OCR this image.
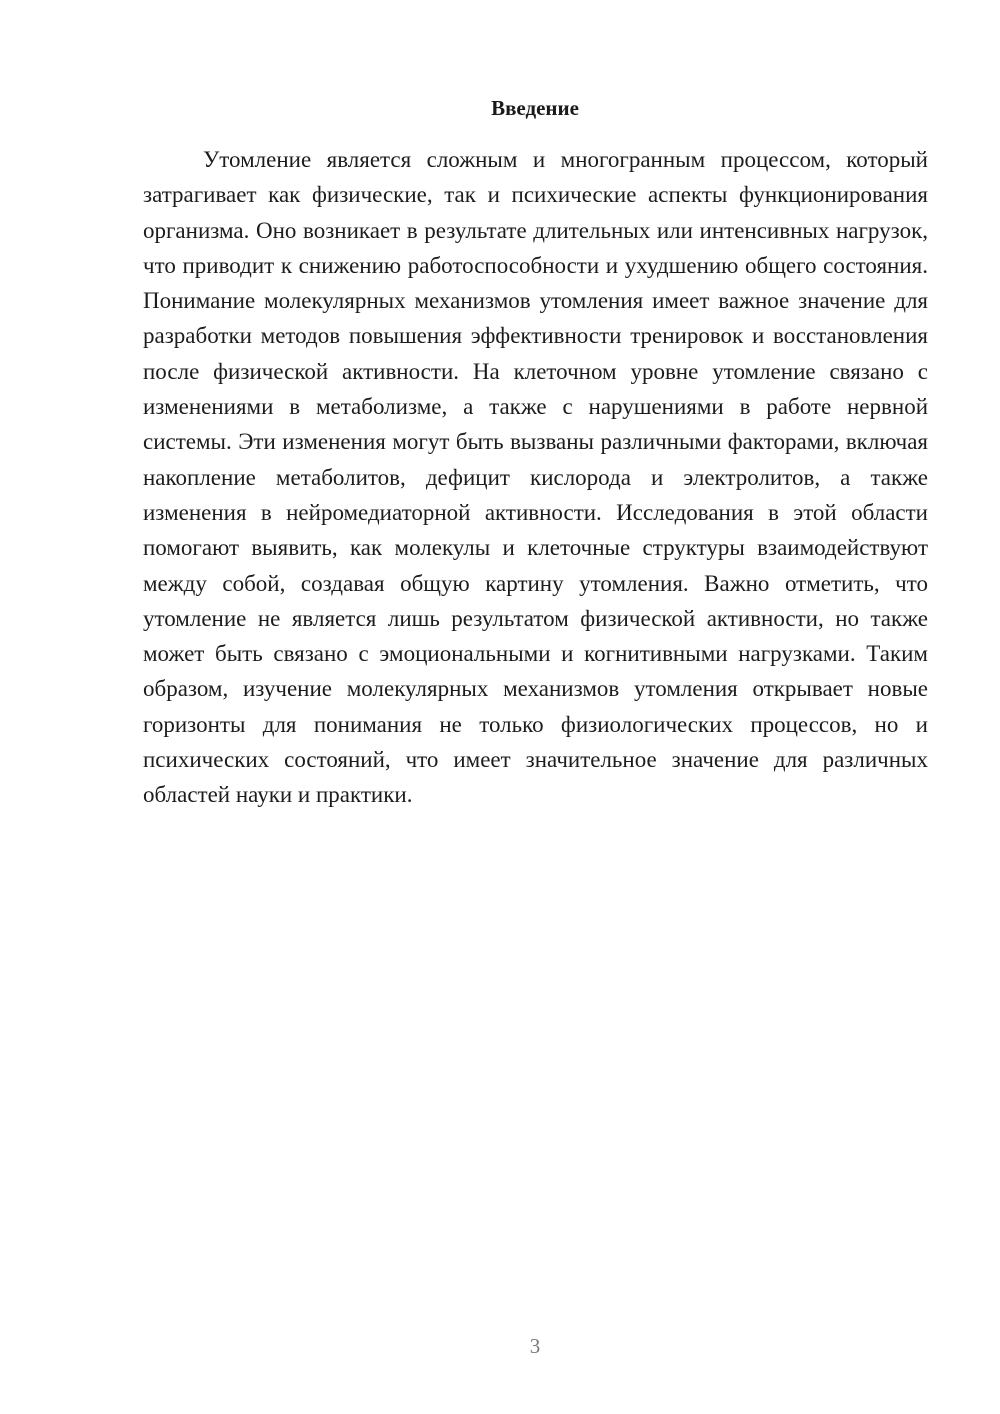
Введение

Утомление является сложным и многогранным процессом, который затрагивает как физические, так и психические аспекты функционирования организма. Оно возникает в результате длительных или интенсивных нагрузок, что приводит к снижению работоспособности и ухудшению общего состояния. Понимание молекулярных механизмов утомления имеет важное значение для разработки методов повышения эффективности тренировок и восстановления после физической активности. На клеточном уровне утомление связано с изменениями в метаболизме, а также с нарушениями в работе нервной системы. Эти изменения могут быть вызваны различными факторами, включая накопление метаболитов, дефицит кислорода и электролитов, а также изменения в нейромедиаторной активности. Исследования в этой области помогают выявить, как молекулы и клеточные структуры взаимодействуют между собой, создавая общую картину утомления. Важно отметить, что утомление не является лишь результатом физической активности, но также может быть связано с эмоциональными и когнитивными нагрузками. Таким образом, изучение молекулярных механизмов утомления открывает новые горизонты для понимания не только физиологических процессов, но и психических состояний, что имеет значительное значение для различных областей науки и практики.

3
